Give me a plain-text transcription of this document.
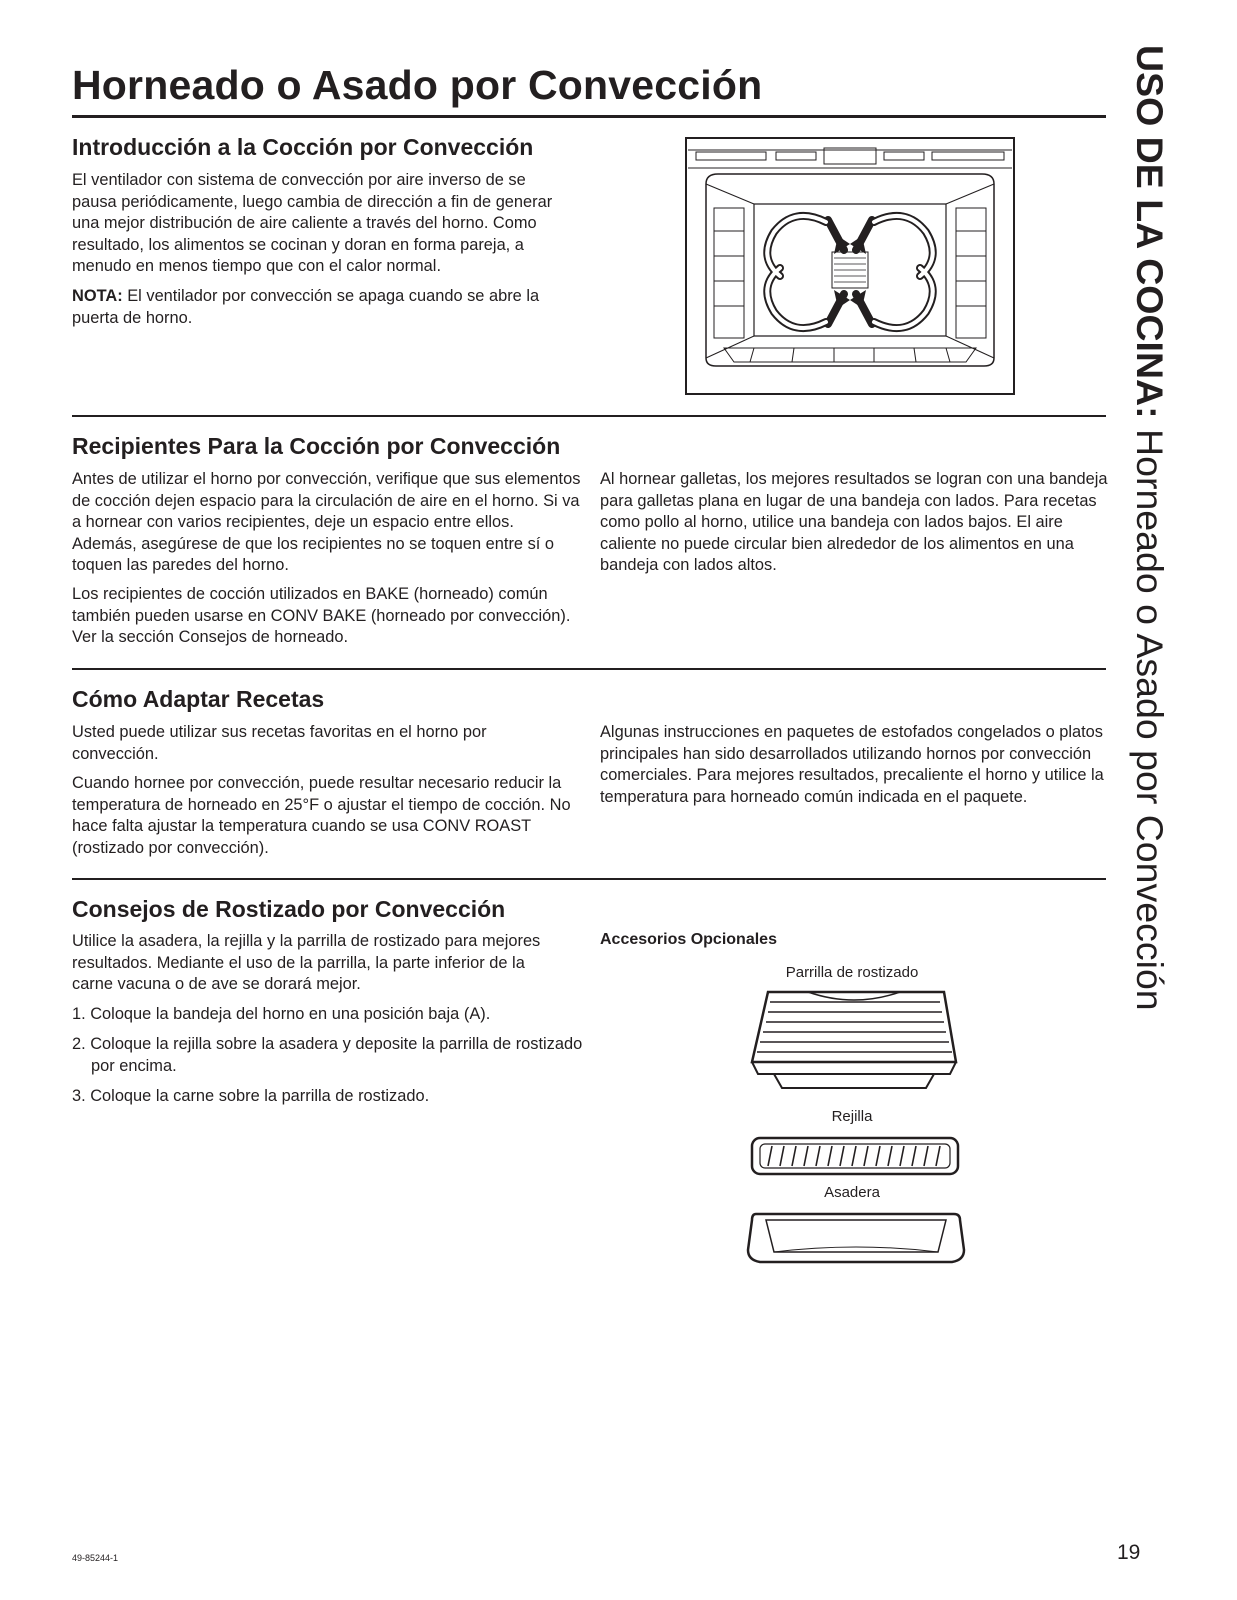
Horneado o Asado por Convección	USO DE LA COCINA: Horneado o Asado por Convección
Introducción a la Cocción por Convección

El ventilador con sistema de convección por aire inverso de se pausa periódicamente, luego cambia de dirección a fin de generar una mejor distribución de aire caliente a través del horno. Como resultado, los alimentos se cocinan y doran en forma pareja, a menudo en menos tiempo que con el calor normal.

NOTA: El ventilador por convección se apaga cuando se abre la puerta de horno.

Recipientes Para la Cocción por Convección

Antes de utilizar el horno por convección, verifique que sus elementos de cocción dejen espacio para la circulación de aire en el horno. Si va a hornear con varios recipientes, deje un espacio entre ellos. Además, asegúrese de que los recipientes no se toquen entre sí o toquen las paredes del horno.

Los recipientes de cocción utilizados en BAKE (horneado) común también pueden usarse en CONV BAKE (horneado por convección). Ver la sección Consejos de horneado.

Al hornear galletas, los mejores resultados se logran con una bandeja para galletas plana en lugar de una bandeja con lados. Para recetas como pollo al horno, utilice una bandeja con lados bajos. El aire caliente no puede circular bien alrededor de los alimentos en una bandeja con lados altos.

Cómo Adaptar Recetas

Usted puede utilizar sus recetas favoritas en el horno por convección.

Cuando hornee por convección, puede resultar necesario reducir la temperatura de horneado en 25°F o ajustar el tiempo de cocción. No hace falta ajustar la temperatura cuando se usa CONV ROAST (rostizado por convección).

Algunas instrucciones en paquetes de estofados congelados o platos principales han sido desarrollados utilizando hornos por convección comerciales. Para mejores resultados, precaliente el horno y utilice la temperatura para horneado común indicada en el paquete.

Consejos de Rostizado por Convección

Utilice la asadera, la rejilla y la parrilla de rostizado para mejores resultados. Mediante el uso de la parrilla, la parte inferior de la carne vacuna o de ave se dorará mejor.

1. Coloque la bandeja del horno en una posición baja (A).

2. Coloque la rejilla sobre la asadera y deposite la parrilla de rostizado por encima.

3. Coloque la carne sobre la parrilla de rostizado.

Accesorios Opcionales

Parrilla de rostizado
Rejilla
Asadera
49-85244-1	19
